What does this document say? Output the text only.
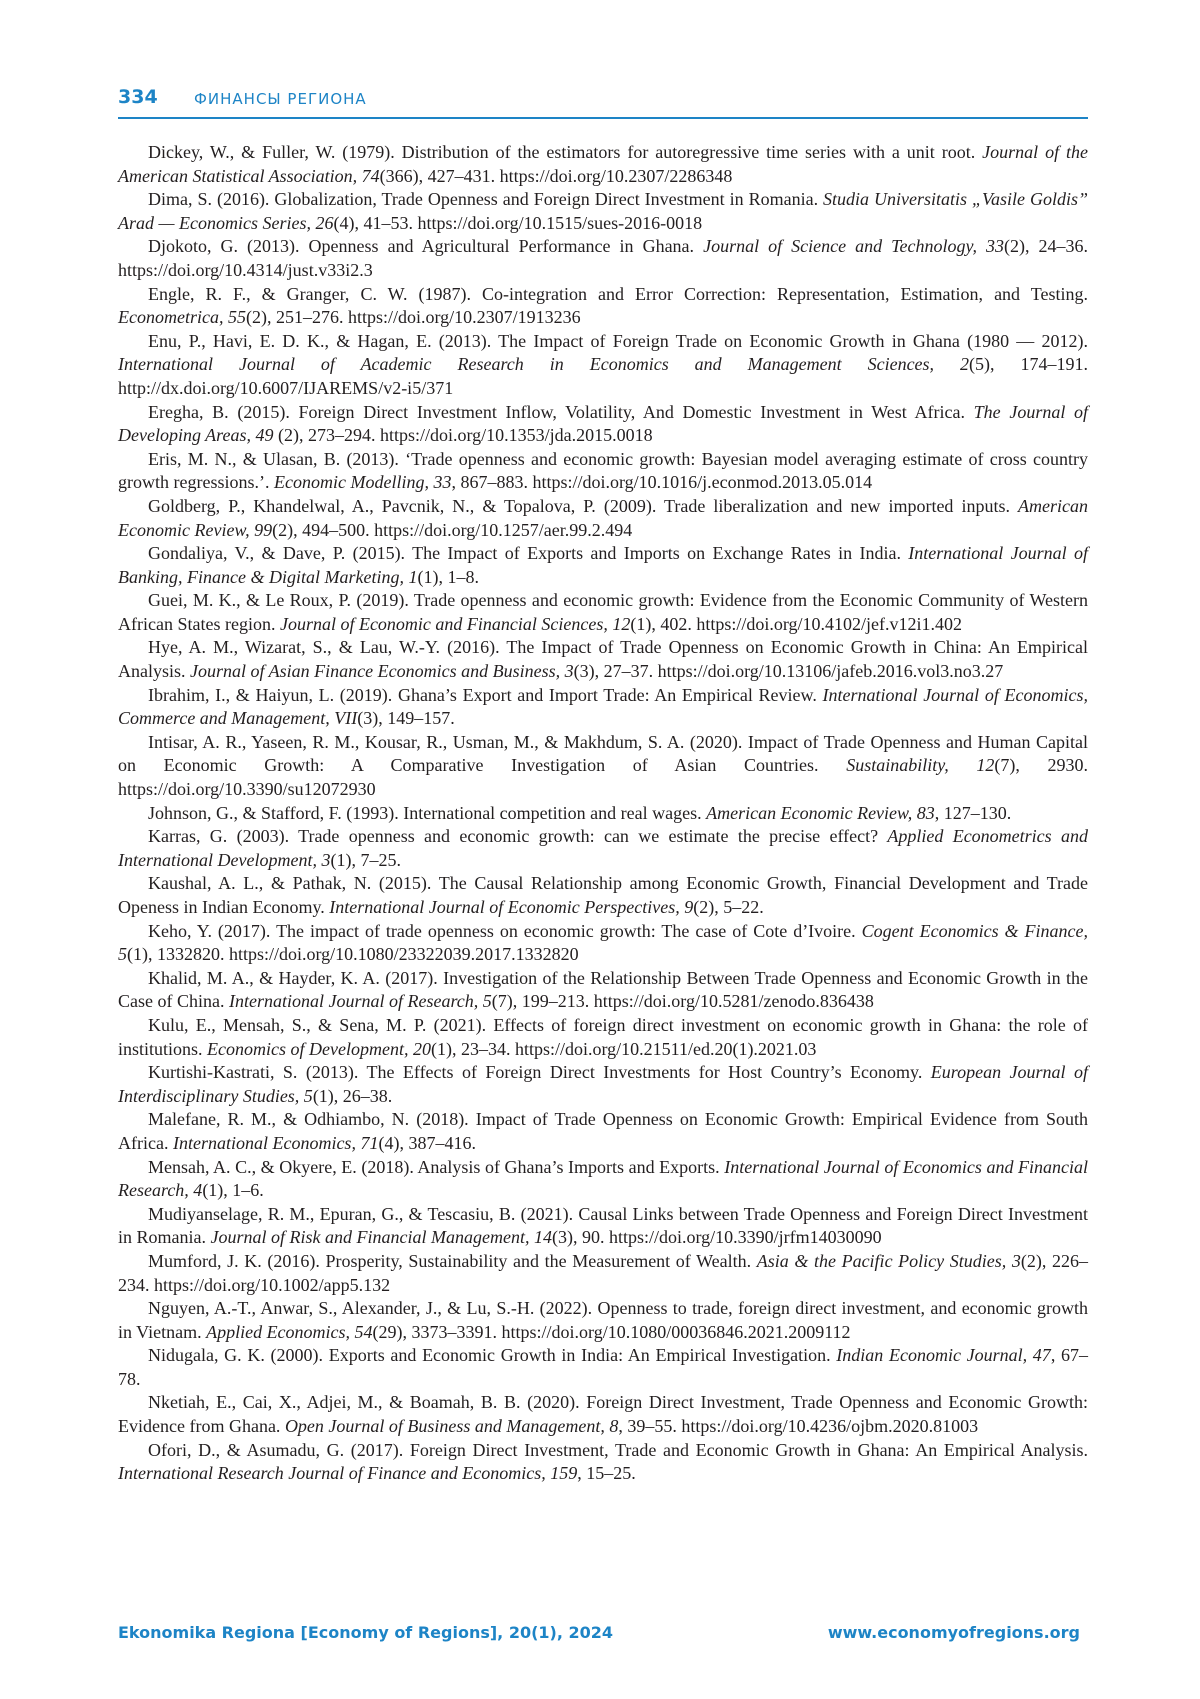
334 ФИНАНСЫ РЕГИОНА

Dickey, W., & Fuller, W. (1979). Distribution of the estimators for autoregressive time series with a unit root. Journal of the American Statistical Association, 74(366), 427–431. https://doi.org/10.2307/2286348

Dima, S. (2016). Globalization, Trade Openness and Foreign Direct Investment in Romania. Studia Universitatis „Vasile Goldis” Arad — Economics Series, 26(4), 41–53. https://doi.org/10.1515/sues-2016-0018

Djokoto, G. (2013). Openness and Agricultural Performance in Ghana. Journal of Science and Technology, 33(2), 24–36. https://doi.org/10.4314/just.v33i2.3

Engle, R. F., & Granger, C. W. (1987). Co-integration and Error Correction: Representation, Estimation, and Testing. Econometrica, 55(2), 251–276. https://doi.org/10.2307/1913236

Enu, P., Havi, E. D. K., & Hagan, E. (2013). The Impact of Foreign Trade on Economic Growth in Ghana (1980 — 2012). International Journal of Academic Research in Economics and Management Sciences, 2(5), 174–191. http://dx.doi.org/10.6007/IJAREMS/v2-i5/371

Eregha, B. (2015). Foreign Direct Investment Inflow, Volatility, And Domestic Investment in West Africa. The Journal of Developing Areas, 49 (2), 273–294. https://doi.org/10.1353/jda.2015.0018

Eris, M. N., & Ulasan, B. (2013). ‘Trade openness and economic growth: Bayesian model averaging estimate of cross country growth regressions.’. Economic Modelling, 33, 867–883. https://doi.org/10.1016/j.econmod.2013.05.014

Goldberg, P., Khandelwal, A., Pavcnik, N., & Topalova, P. (2009). Trade liberalization and new imported inputs. American Economic Review, 99(2), 494–500. https://doi.org/10.1257/aer.99.2.494

Gondaliya, V., & Dave, P. (2015). The Impact of Exports and Imports on Exchange Rates in India. International Journal of Banking, Finance & Digital Marketing, 1(1), 1–8.

Guei, M. K., & Le Roux, P. (2019). Trade openness and economic growth: Evidence from the Economic Community of Western African States region. Journal of Economic and Financial Sciences, 12(1), 402. https://doi.org/10.4102/jef.v12i1.402

Hye, A. M., Wizarat, S., & Lau, W.-Y. (2016). The Impact of Trade Openness on Economic Growth in China: An Empirical Analysis. Journal of Asian Finance Economics and Business, 3(3), 27–37. https://doi.org/10.13106/jafeb.2016.vol3.no3.27

Ibrahim, I., & Haiyun, L. (2019). Ghana’s Export and Import Trade: An Empirical Review. International Journal of Economics, Commerce and Management, VII(3), 149–157.

Intisar, A. R., Yaseen, R. M., Kousar, R., Usman, M., & Makhdum, S. A. (2020). Impact of Trade Openness and Human Capital on Economic Growth: A Comparative Investigation of Asian Countries. Sustainability, 12(7), 2930. https://doi.org/10.3390/su12072930

Johnson, G., & Stafford, F. (1993). International competition and real wages. American Economic Review, 83, 127–130.

Karras, G. (2003). Trade openness and economic growth: can we estimate the precise effect? Applied Econometrics and International Development, 3(1), 7–25.

Kaushal, A. L., & Pathak, N. (2015). The Causal Relationship among Economic Growth, Financial Development and Trade Openess in Indian Economy. International Journal of Economic Perspectives, 9(2), 5–22.

Keho, Y. (2017). The impact of trade openness on economic growth: The case of Cote d’Ivoire. Cogent Economics & Finance, 5(1), 1332820. https://doi.org/10.1080/23322039.2017.1332820

Khalid, M. A., & Hayder, K. A. (2017). Investigation of the Relationship Between Trade Openness and Economic Growth in the Case of China. International Journal of Research, 5(7), 199–213. https://doi.org/10.5281/zenodo.836438

Kulu, E., Mensah, S., & Sena, M. P. (2021). Effects of foreign direct investment on economic growth in Ghana: the role of institutions. Economics of Development, 20(1), 23–34. https://doi.org/10.21511/ed.20(1).2021.03

Kurtishi-Kastrati, S. (2013). The Effects of Foreign Direct Investments for Host Country’s Economy. European Journal of Interdisciplinary Studies, 5(1), 26–38.

Malefane, R. M., & Odhiambo, N. (2018). Impact of Trade Openness on Economic Growth: Empirical Evidence from South Africa. International Economics, 71(4), 387–416.

Mensah, A. C., & Okyere, E. (2018). Analysis of Ghana’s Imports and Exports. International Journal of Economics and Financial Research, 4(1), 1–6.

Mudiyanselage, R. M., Epuran, G., & Tescasiu, B. (2021). Causal Links between Trade Openness and Foreign Direct Investment in Romania. Journal of Risk and Financial Management, 14(3), 90. https://doi.org/10.3390/jrfm14030090

Mumford, J. K. (2016). Prosperity, Sustainability and the Measurement of Wealth. Asia & the Pacific Policy Studies, 3(2), 226–234. https://doi.org/10.1002/app5.132

Nguyen, A.-T., Anwar, S., Alexander, J., & Lu, S.-H. (2022). Openness to trade, foreign direct investment, and economic growth in Vietnam. Applied Economics, 54(29), 3373–3391. https://doi.org/10.1080/00036846.2021.2009112

Nidugala, G. K. (2000). Exports and Economic Growth in India: An Empirical Investigation. Indian Economic Journal, 47, 67–78.

Nketiah, E., Cai, X., Adjei, M., & Boamah, B. B. (2020). Foreign Direct Investment, Trade Openness and Economic Growth: Evidence from Ghana. Open Journal of Business and Management, 8, 39–55. https://doi.org/10.4236/ojbm.2020.81003

Ofori, D., & Asumadu, G. (2017). Foreign Direct Investment, Trade and Economic Growth in Ghana: An Empirical Analysis. International Research Journal of Finance and Economics, 159, 15–25.

Ekonomika Regiona [Economy of Regions], 20(1), 2024	www.economyofregions.org
